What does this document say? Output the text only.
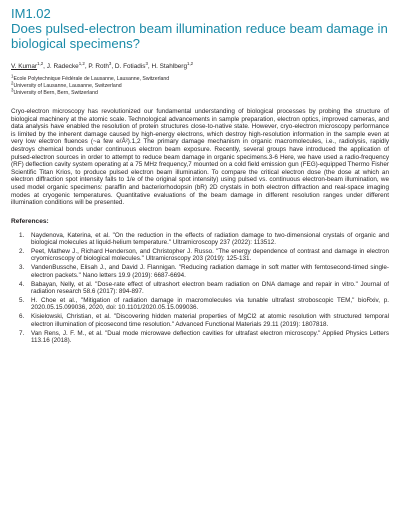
IM1.02

Does pulsed-electron beam illumination reduce beam damage in biological specimens?
V. Kumar$^{1,2}$, J. Radecke$^{1,2}$, P. Roth$^3$, D. Fotiadis$^3$, H. Stahlberg$^{1,2}$
$^1$Ecole Polytechnique Fédérale de Lausanne, Lausanne, Switzerland
$^2$University of Lausanne, Lausanne, Switzerland
$^3$University of Bern, Bern, Switzerland

Cryo-electron microscopy has revolutionized our fundamental understanding of biological processes by probing the structure of biological machinery at the atomic scale. Technological advancements in sample preparation, electron optics, improved cameras, and data analysis have enabled the resolution of protein structures close-to-native state. However, cryo-electron microscopy performance is limited by the inherent damage caused by high-energy electrons, which destroy high-resolution information in the sample even at very low electron fluences (~a few e/Å²).1,2 The primary damage mechanism in organic macromolecules, i.e., radiolysis, rapidly destroys chemical bonds under continuous electron beam exposure. Recently, several groups have introduced the application of pulsed-electron sources in order to attempt to reduce beam damage in organic specimens.3-6 Here, we have used a radio-frequency (RF) deflection cavity system operating at a 75 MHz frequency,7 mounted on a cold field emission gun (FEG)-equipped Thermo Fisher Scientific Titan Krios, to produce pulsed electron beam illumination. To compare the critical electron dose (the dose at which an electron diffraction spot intensity falls to 1/e of the original spot intensity) using pulsed vs. continuous electron-beam illumination, we used model organic specimens: paraffin and bacteriorhodopsin (bR) 2D crystals in both electron diffraction and real-space imaging modes at cryogenic temperatures. Quantitative evaluations of the beam damage in different resolution ranges under different illumination conditions will be presented.

References:
1.	Naydenova, Katerina, et al. "On the reduction in the effects of radiation damage to two-dimensional crystals of organic and biological molecules at liquid-helium temperature." Ultramicroscopy 237 (2022): 113512.
2.	Peet, Mathew J., Richard Henderson, and Christopher J. Russo. "The energy dependence of contrast and damage in electron cryomicroscopy of biological molecules." Ultramicroscopy 203 (2019): 125-131.
3.	VandenBussche, Elisah J., and David J. Flannigan. "Reducing radiation damage in soft matter with femtosecond-timed single-electron packets." Nano letters 19.9 (2019): 6687-6694.
4.	Babayan, Nelly, et al. "Dose-rate effect of ultrashort electron beam radiation on DNA damage and repair in vitro." Journal of radiation research 58.6 (2017): 894-897.
5.	H. Choe et al., "Mitigation of radiation damage in macromolecules via tunable ultrafast stroboscopic TEM," bioRxiv, p. 2020.05.15.099036, 2020, doi: 10.1101/2020.05.15.099036.
6.	Kisielowski, Christian, et al. "Discovering hidden material properties of MgCl2 at atomic resolution with structured temporal electron illumination of picosecond time resolution." Advanced Functional Materials 29.11 (2019): 1807818.
7.	Van Rens, J. F. M., et al. "Dual mode microwave deflection cavities for ultrafast electron microscopy." Applied Physics Letters 113.16 (2018).
